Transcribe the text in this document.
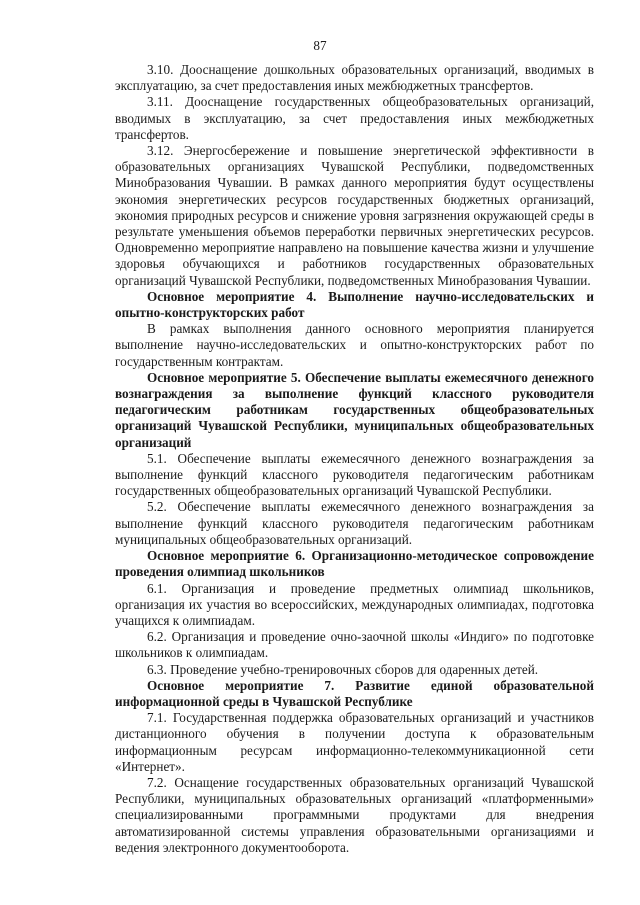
87

3.10. Дооснащение дошкольных образовательных организаций, вводимых в эксплуатацию, за счет предоставления иных межбюджетных трансфертов.

3.11. Дооснащение государственных общеобразовательных организаций, вводимых в эксплуатацию, за счет предоставления иных межбюджетных трансфертов.

3.12. Энергосбережение и повышение энергетической эффективности в образовательных организациях Чувашской Республики, подведомственных Минобразования Чувашии. В рамках данного мероприятия будут осуществлены экономия энергетических ресурсов государственных бюджетных организаций, экономия природных ресурсов и снижение уровня загрязнения окружающей среды в результате уменьшения объемов переработки первичных энергетических ресурсов. Одновременно мероприятие направлено на повышение качества жизни и улучшение здоровья обучающихся и работников государственных образовательных организаций Чувашской Республики, подведомственных Минобразования Чувашии.

Основное мероприятие 4. Выполнение научно-исследовательских и опытно-конструкторских работ

В рамках выполнения данного основного мероприятия планируется выполнение научно-исследовательских и опытно-конструкторских работ по государственным контрактам.

Основное мероприятие 5. Обеспечение выплаты ежемесячного денежного вознаграждения за выполнение функций классного руководителя педагогическим работникам государственных общеобразовательных организаций Чувашской Республики, муниципальных общеобразовательных организаций

5.1. Обеспечение выплаты ежемесячного денежного вознаграждения за выполнение функций классного руководителя педагогическим работникам государственных общеобразовательных организаций Чувашской Республики.

5.2. Обеспечение выплаты ежемесячного денежного вознаграждения за выполнение функций классного руководителя педагогическим работникам муниципальных общеобразовательных организаций.

Основное мероприятие 6. Организационно-методическое сопровождение проведения олимпиад школьников

6.1. Организация и проведение предметных олимпиад школьников, организация их участия во всероссийских, международных олимпиадах, подготовка учащихся к олимпиадам.

6.2. Организация и проведение очно-заочной школы «Индиго» по подготовке школьников к олимпиадам.

6.3. Проведение учебно-тренировочных сборов для одаренных детей.

Основное мероприятие 7. Развитие единой образовательной информационной среды в Чувашской Республике

7.1. Государственная поддержка образовательных организаций и участников дистанционного обучения в получении доступа к образовательным информационным ресурсам информационно-телекоммуникационной сети «Интернет».

7.2. Оснащение государственных образовательных организаций Чувашской Республики, муниципальных образовательных организаций «платформенными» специализированными программными продуктами для внедрения автоматизированной системы управления образовательными организациями и ведения электронного документооборота.
